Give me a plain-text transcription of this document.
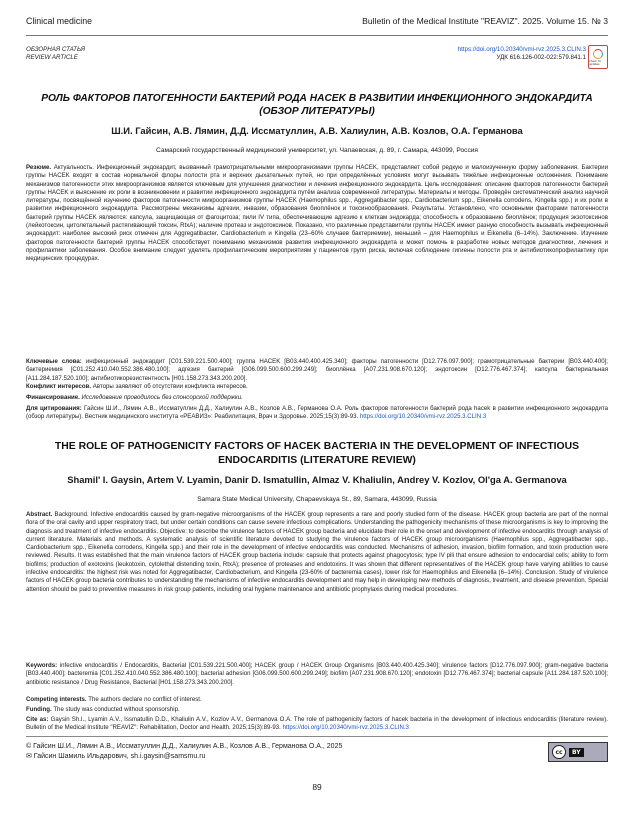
Clinical medicine	Bulletin of the Medical Institute "REAVIZ". 2025. Volume 15. № 3
ОБЗОРНАЯ СТАТЬЯ
REVIEW ARTICLE
https://doi.org/10.20340/vmi-rvz.2025.3.CLIN.3
УДК 616.126-002-022:579.841.1 Check for updates
РОЛЬ ФАКТОРОВ ПАТОГЕННОСТИ БАКТЕРИЙ РОДА HACEK В РАЗВИТИИ ИНФЕКЦИОННОГО ЭНДОКАРДИТА (ОБЗОР ЛИТЕРАТУРЫ)
Ш.И. Гайсин, А.В. Лямин, Д.Д. Иссматуллин, А.В. Халиулин, А.В. Козлов, О.А. Германова
Самарский государственный медицинский университет, ул. Чапаевская, д. 89, г. Самара, 443099, Россия
Резюме. Актуальность. Инфекционный эндокардит, вызванный грамотрицательными микроорганизмами группы HACEK, представляет собой редкую и малоизученную форму заболевания. Бактерии группы HACEK входят в состав нормальной флоры полости рта и верхних дыхательных путей, но при определённых условиях могут вызывать тяжёлые инфекционные осложнения. Понимание механизмов патогенности этих микроорганизмов является ключевым для улучшения диагностики и лечения инфекционного эндокардита. Цель исследования: описание факторов патогенности бактерий группы HACEK и выяснение их роли в возникновении и развитии инфекционного эндокардита путём анализа современной литературы. Материалы и методы. Проведён систематический анализ научной литературы, посвящённой изучению факторов патогенности микроорганизмов группы HACEK (Haemophilus spp., Aggregatibacter spp., Cardiobacterium spp., Eikenella corrodens, Kingella spp.) и их роли в развитии инфекционного эндокардита. Рассмотрены механизмы адгезии, инвазии, образования биоплёнок и токсинообразования. Результаты. Установлено, что основными факторами патогенности бактерий группы HACEK являются: капсула, защищающая от фагоцитоза; пили IV типа, обеспечивающие адгезию к клеткам эндокарда; способность к образованию биоплёнок; продукция экзотоксинов (лейкотоксин, цитолетальный растягивающий токсин, RtxA); наличие протеаз и эндотоксинов. Показано, что различные представители группы HACEK имеют разную способность вызывать инфекционный эндокардит: наиболее высокий риск отмечен для Aggregatibacter, Cardiobacterium и Kingella (23–60% случаев бактериемии), меньший – для Haemophilus и Eikenella (6–14%). Заключение. Изучение факторов патогенности бактерий группы HACEK способствует пониманию механизмов развития инфекционного эндокардита и может помочь в разработке новых методов диагностики, лечения и профилактики заболевания. Особое внимание следует уделять профилактическим мероприятиям у пациентов групп риска, включая соблюдение гигиены полости рта и антибиотикопрофилактику при медицинских процедурах.
Ключевые слова: инфекционный эндокардит [C01.539.221.500.400]; группа HACEK [B03.440.400.425.340]; факторы патогенности [D12.776.097.900]; грамотрицательные бактерии [B03.440.400]; бактериемия [C01.252.410.040.552.386.480.100]; адгезия бактерий [G06.099.500.600.299.249]; биоплёнка [A07.231.908.670.120]; эндотоксин [D12.776.467.374]; капсула бактериальная [A11.284.187.520.100]; антибиотикорезистентность [H01.158.273.343.200.200].
Конфликт интересов. Авторы заявляют об отсутствии конфликта интересов.
Финансирование. Исследование проводилось без спонсорской поддержки.
Для цитирования: Гайсин Ш.И., Лямин А.В., Иссматуллин Д.Д., Халиулин А.В., Козлов А.В., Германова О.А. Роль факторов патогенности бактерий рода hacek в развитии инфекционного эндокардита (обзор литературы). Вестник медицинского института «РЕАВИЗ»: Реабилитация, Врач и Здоровье. 2025;15(3):89-93. https://doi.org/10.20340/vmi-rvz.2025.3.CLIN.3
THE ROLE OF PATHOGENICITY FACTORS OF HACEK BACTERIA IN THE DEVELOPMENT OF INFECTIOUS ENDOCARDITIS (LITERATURE REVIEW)
Shamil' I. Gaysin, Artem V. Lyamin, Danir D. Ismatullin, Almaz V. Khaliulin, Andrey V. Kozlov, Ol'ga A. Germanova
Samara State Medical University, Chapaevskaya St., 89, Samara, 443099, Russia
Abstract. Background. Infective endocarditis caused by gram-negative microorganisms of the HACEK group represents a rare and poorly studied form of the disease. HACEK group bacteria are part of the normal flora of the oral cavity and upper respiratory tract, but under certain conditions can cause severe infectious complications. Understanding the pathogenicity mechanisms of these microorganisms is key to improving the diagnosis and treatment of infective endocarditis. Objective: to describe the virulence factors of HACEK group bacteria and elucidate their role in the onset and development of infective endocarditis through analysis of current literature. Materials and methods. A systematic analysis of scientific literature devoted to studying the virulence factors of HACEK group microorganisms (Haemophilus spp., Aggregatibacter spp., Cardiobacterium spp., Eikenella corrodens, Kingella spp.) and their role in the development of infective endocarditis was conducted. Mechanisms of adhesion, invasion, biofilm formation, and toxin production were reviewed. Results. It was established that the main virulence factors of HACEK group bacteria include: capsule that protects against phagocytosis; type IV pili that ensure adhesion to endocardial cells; ability to form biofilms; production of exotoxins (leukotoxin, cytolethal distending toxin, RtxA); presence of proteases and endotoxins. It was shown that different representatives of the HACEK group have varying abilities to cause infective endocarditis: the highest risk was noted for Aggregatibacter, Cardiobacterium, and Kingella (23-60% of bacteremia cases), lower risk for Haemophilus and Eikenella (6–14%). Conclusion. Study of virulence factors of HACEK group bacteria contributes to understanding the mechanisms of infective endocarditis development and may help in developing new methods of diagnosis, treatment, and disease prevention. Special attention should be paid to preventive measures in risk group patients, including oral hygiene maintenance and antibiotic prophylaxis during medical procedures.
Keywords: infective endocarditis / Endocarditis, Bacterial [C01.539.221.500.400]; HACEK group / HACEK Group Organisms [B03.440.400.425.340]; virulence factors [D12.776.097.900]; gram-negative bacteria [B03.440.400]; bacteremia [C01.252.410.040.552.386.480.100]; bacterial adhesion [G06.099.500.600.299.249]; biofilm [A07.231.908.670.120]; endotoxin [D12.776.467.374]; bacterial capsule [A11.284.187.520.100]; antibiotic resistance / Drug Resistance, Bacterial [H01.158.273.343.200.200].
Competing interests. The authors declare no conflict of interest.
Funding. The study was conducted without sponsorship.
Cite as: Gaysin Sh.I., Lyamin A.V., Issmatullin D.D., Khaliulin A.V., Kozlov A.V., Germanova O.A. The role of pathogenicity factors of hacek bacteria in the development of infectious endocarditis (literature review). Bulletin of the Medical Institute "REAVIZ": Rehabilitation, Doctor and Health. 2025;15(3):89-93. https://doi.org/10.20340/vmi-rvz.2025.3.CLIN.3
© Гайсин Ш.И., Лямин А.В., Иссматуллин Д.Д., Халиулин А.В., Козлов А.В., Германова О.А., 2025
✉ Гайсин Шамиль Ильдарович, sh.i.gaysin@samsmu.ru
cc	BY
89
